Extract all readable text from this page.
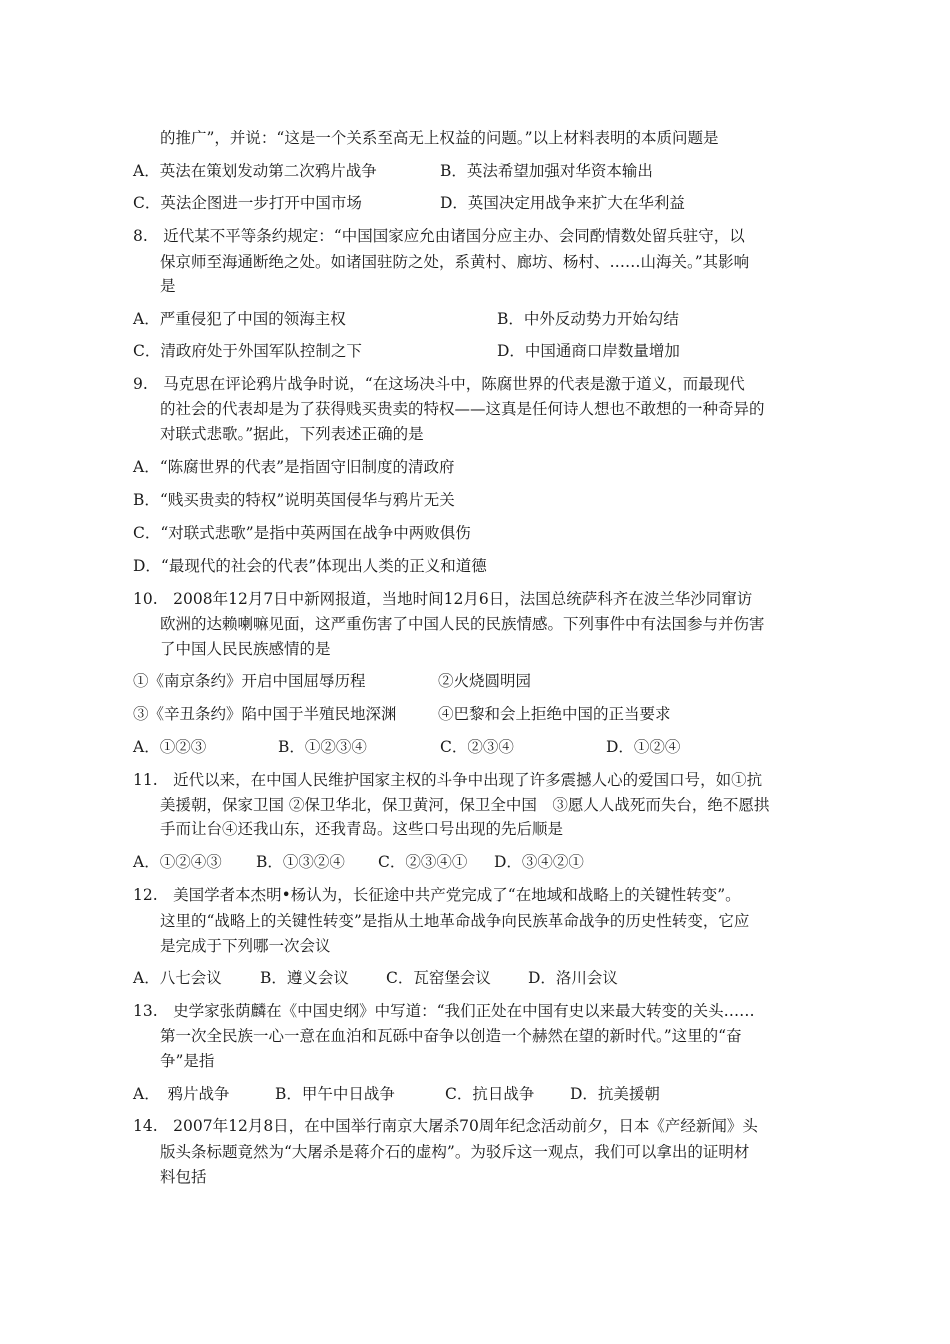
的推广”，并说：“这是一个关系至高无上权益的问题。”以上材料表明的本质问题是
A．英法在策划发动第二次鸦片战争	B．英法希望加强对华资本输出
C．英法企图进一步打开中国市场	D．英国决定用战争来扩大在华利益
8.　近代某不平等条约规定：“中国国家应允由诸国分应主办、会同酌情数处留兵驻守，以
保京师至海通断绝之处。如诸国驻防之处，系黄村、廊坊、杨村、……山海关。”其影响
是
A．严重侵犯了中国的领海主权	B．中外反动势力开始勾结
C．清政府处于外国军队控制之下	D．中国通商口岸数量增加
9.　马克思在评论鸦片战争时说，“在这场决斗中，陈腐世界的代表是激于道义，而最现代
的社会的代表却是为了获得贱买贵卖的特权——这真是任何诗人想也不敢想的一种奇异的
对联式悲歌。”据此，下列表述正确的是
A．“陈腐世界的代表”是指固守旧制度的清政府
B．“贱买贵卖的特权”说明英国侵华与鸦片无关
C．“对联式悲歌”是指中英两国在战争中两败俱伤
D．“最现代的社会的代表”体现出人类的正义和道德
10.　2008年12月7日中新网报道，当地时间12月6日，法国总统萨科齐在波兰华沙同窜访
欧洲的达赖喇嘛见面，这严重伤害了中国人民的民族情感。下列事件中有法国参与并伤害
了中国人民民族感情的是
①《南京条约》开启中国屈辱历程	②火烧圆明园
③《辛丑条约》陷中国于半殖民地深渊	④巴黎和会上拒绝中国的正当要求
A．①②③	B．①②③④	C．②③④	D．①②④
11.　近代以来，在中国人民维护国家主权的斗争中出现了许多震撼人心的爱国口号，如①抗
美援朝，保家卫国 ②保卫华北，保卫黄河，保卫全中国　③愿人人战死而失台，绝不愿拱
手而让台④还我山东，还我青岛。这些口号出现的先后顺是
A．①②④③ B．①③②④ C．②③④① D．③④②①
12.　美国学者本杰明•杨认为，长征途中共产党完成了“在地域和战略上的关键性转变”。
这里的“战略上的关键性转变”是指从土地革命战争向民族革命战争的历史性转变，它应
是完成于下列哪一次会议
A．八七会议 B．遵义会议 C．瓦窑堡会议 D．洛川会议
13.　史学家张荫麟在《中国史纲》中写道：“我们正处在中国有史以来最大转变的关头……
第一次全民族一心一意在血泊和瓦砾中奋争以创造一个赫然在望的新时代。”这里的“奋
争”是指
A．　鸦片战争	B．甲午中日战争	C．抗日战争 D．抗美援朝
14.　2007年12月8日，在中国举行南京大屠杀70周年纪念活动前夕，日本《产经新闻》头
版头条标题竟然为“大屠杀是蒋介石的虚构”。为驳斥这一观点，我们可以拿出的证明材
料包括
